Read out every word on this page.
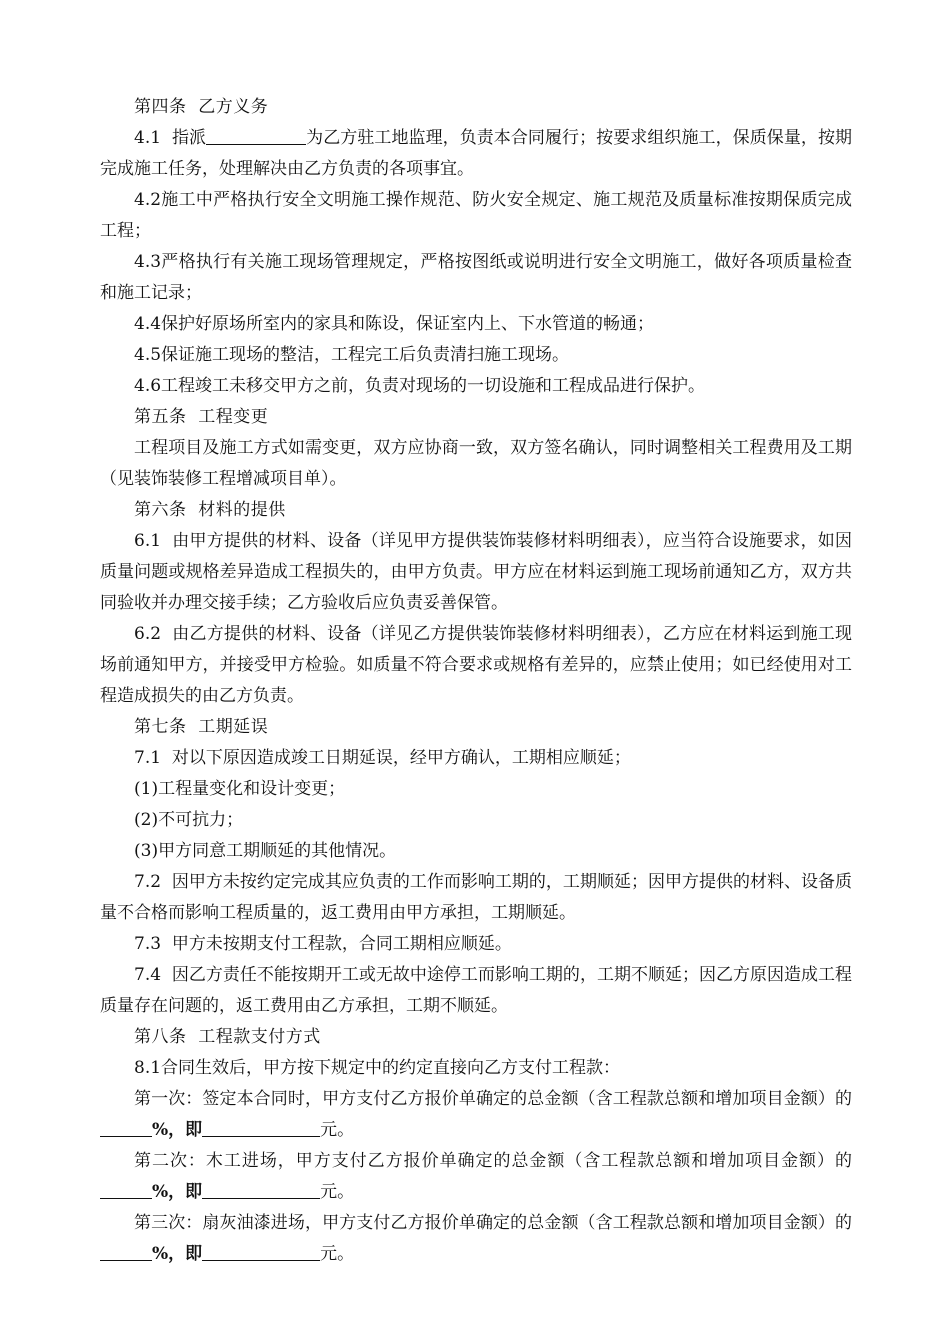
第四条  乙方义务

4.1  指派	为乙方驻工地监理，负责本合同履行；按要求组织施工，保质保量，按期完成施工任务，处理解决由乙方负责的各项事宜。

4.2施工中严格执行安全文明施工操作规范、防火安全规定、施工规范及质量标准按期保质完成工程；

4.3严格执行有关施工现场管理规定，严格按图纸或说明进行安全文明施工，做好各项质量检查和施工记录；

4.4保护好原场所室内的家具和陈设，保证室内上、下水管道的畅通；

4.5保证施工现场的整洁，工程完工后负责清扫施工现场。

4.6工程竣工未移交甲方之前，负责对现场的一切设施和工程成品进行保护。

第五条  工程变更

工程项目及施工方式如需变更，双方应协商一致，双方签名确认，同时调整相关工程费用及工期（见装饰装修工程增减项目单）。

第六条  材料的提供

6.1  由甲方提供的材料、设备（详见甲方提供装饰装修材料明细表），应当符合设施要求，如因质量问题或规格差异造成工程损失的，由甲方负责。甲方应在材料运到施工现场前通知乙方，双方共同验收并办理交接手续；乙方验收后应负责妥善保管。

6.2  由乙方提供的材料、设备（详见乙方提供装饰装修材料明细表），乙方应在材料运到施工现场前通知甲方，并接受甲方检验。如质量不符合要求或规格有差异的，应禁止使用；如已经使用对工程造成损失的由乙方负责。

第七条  工期延误

7.1  对以下原因造成竣工日期延误，经甲方确认，工期相应顺延；

(1)工程量变化和设计变更；

(2)不可抗力；

(3)甲方同意工期顺延的其他情况。

7.2  因甲方未按约定完成其应负责的工作而影响工期的，工期顺延；因甲方提供的材料、设备质量不合格而影响工程质量的，返工费用由甲方承担，工期顺延。

7.3  甲方未按期支付工程款，合同工期相应顺延。

7.4  因乙方责任不能按期开工或无故中途停工而影响工期的，工期不顺延；因乙方原因造成工程质量存在问题的，返工费用由乙方承担，工期不顺延。

第八条  工程款支付方式

8.1合同生效后，甲方按下规定中的约定直接向乙方支付工程款：

第一次：签定本合同时，甲方支付乙方报价单确定的总金额（含工程款总额和增加项目金额）的%，即	元。

第二次：木工进场，甲方支付乙方报价单确定的总金额（含工程款总额和增加项目金额）的%，即	元。

第三次：扇灰油漆进场，甲方支付乙方报价单确定的总金额（含工程款总额和增加项目金额）的%，即	元。
